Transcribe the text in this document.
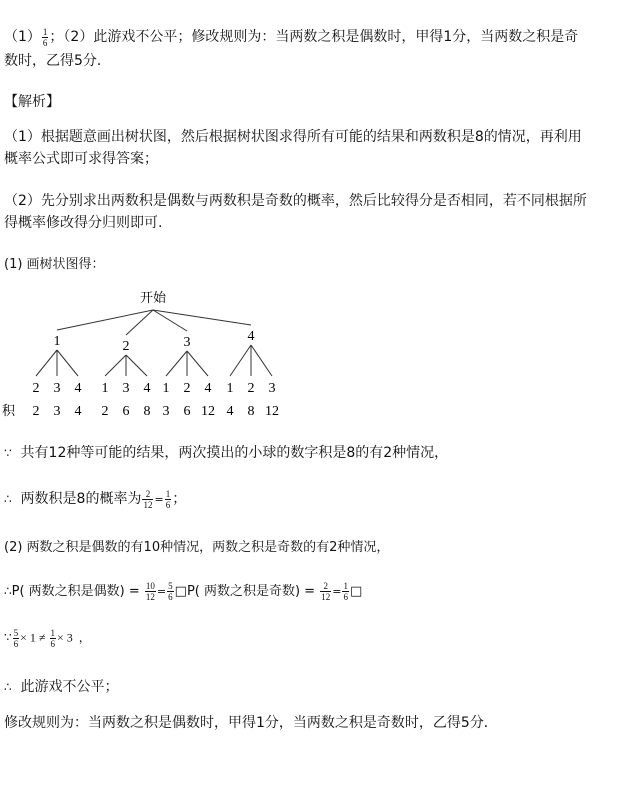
$(1) \frac{1}{6}$ ；（2）此游戏不公平；修改规则为：当两数之积是偶数时，甲得1分，当两数之积是奇
数时，乙得5分．
【解析】
（1）根据题意画出树状图，然后根据树状图求得所有可能的结果和两数积是8的情况，再利用
概率公式即可求得答案；
（2）先分别求出两数积是偶数与两数积是奇数的概率，然后比较得分是否相同，若不同根据所
得概率修改得分归则即可.
(1) 画树状图得：
开始
1
2
2
3
3
4
4
2
1
2
3
6
4
8
3
1
3
2
6
4
12
4
1
4
2
8
3
12
积
∵ 共有12种等可能的结果，两次摸出的小球的数字积是8的有2种情况，
∴ 两数积是8的概率为 $\frac{2}{12} = \frac{1}{6}$ ；
(2) 两数之积是偶数的有10种情况，两数之积是奇数的有2种情况，
∴P( 两数之积是偶数) = $\frac{10}{12} = \frac{5}{6}$ □P( 两数之积是奇数) = $\frac{2}{12} = \frac{1}{6}$ □
∵ $\frac{5}{6} \times 1 \ne \frac{1}{6} \times 3$ ，
∴ 此游戏不公平；
修改规则为：当两数之积是偶数时，甲得1分，当两数之积是奇数时，乙得5分．
